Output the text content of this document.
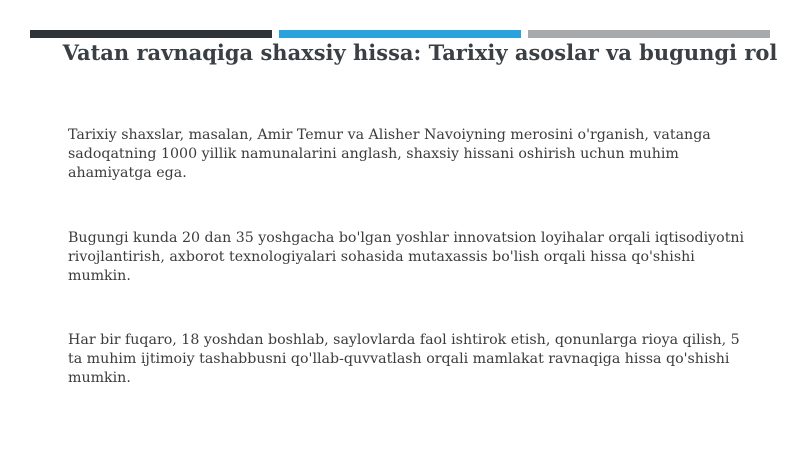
Vatan ravnaqiga shaxsiy hissa: Tarixiy asoslar va bugungi rol

Tarixiy shaxslar, masalan, Amir Temur va Alisher Navoiyning merosini o'rganish, vatanga sadoqatning 1000 yillik namunalarini anglash, shaxsiy hissani oshirish uchun muhim ahamiyatga ega.

Bugungi kunda 20 dan 35 yoshgacha bo'lgan yoshlar innovatsion loyihalar orqali iqtisodiyotni rivojlantirish, axborot texnologiyalari sohasida mutaxassis bo'lish orqali hissa qo'shishi mumkin.

Har bir fuqaro, 18 yoshdan boshlab, saylovlarda faol ishtirok etish, qonunlarga rioya qilish, 5 ta muhim ijtimoiy tashabbusni qo'llab-quvvatlash orqali mamlakat ravnaqiga hissa qo'shishi mumkin.
